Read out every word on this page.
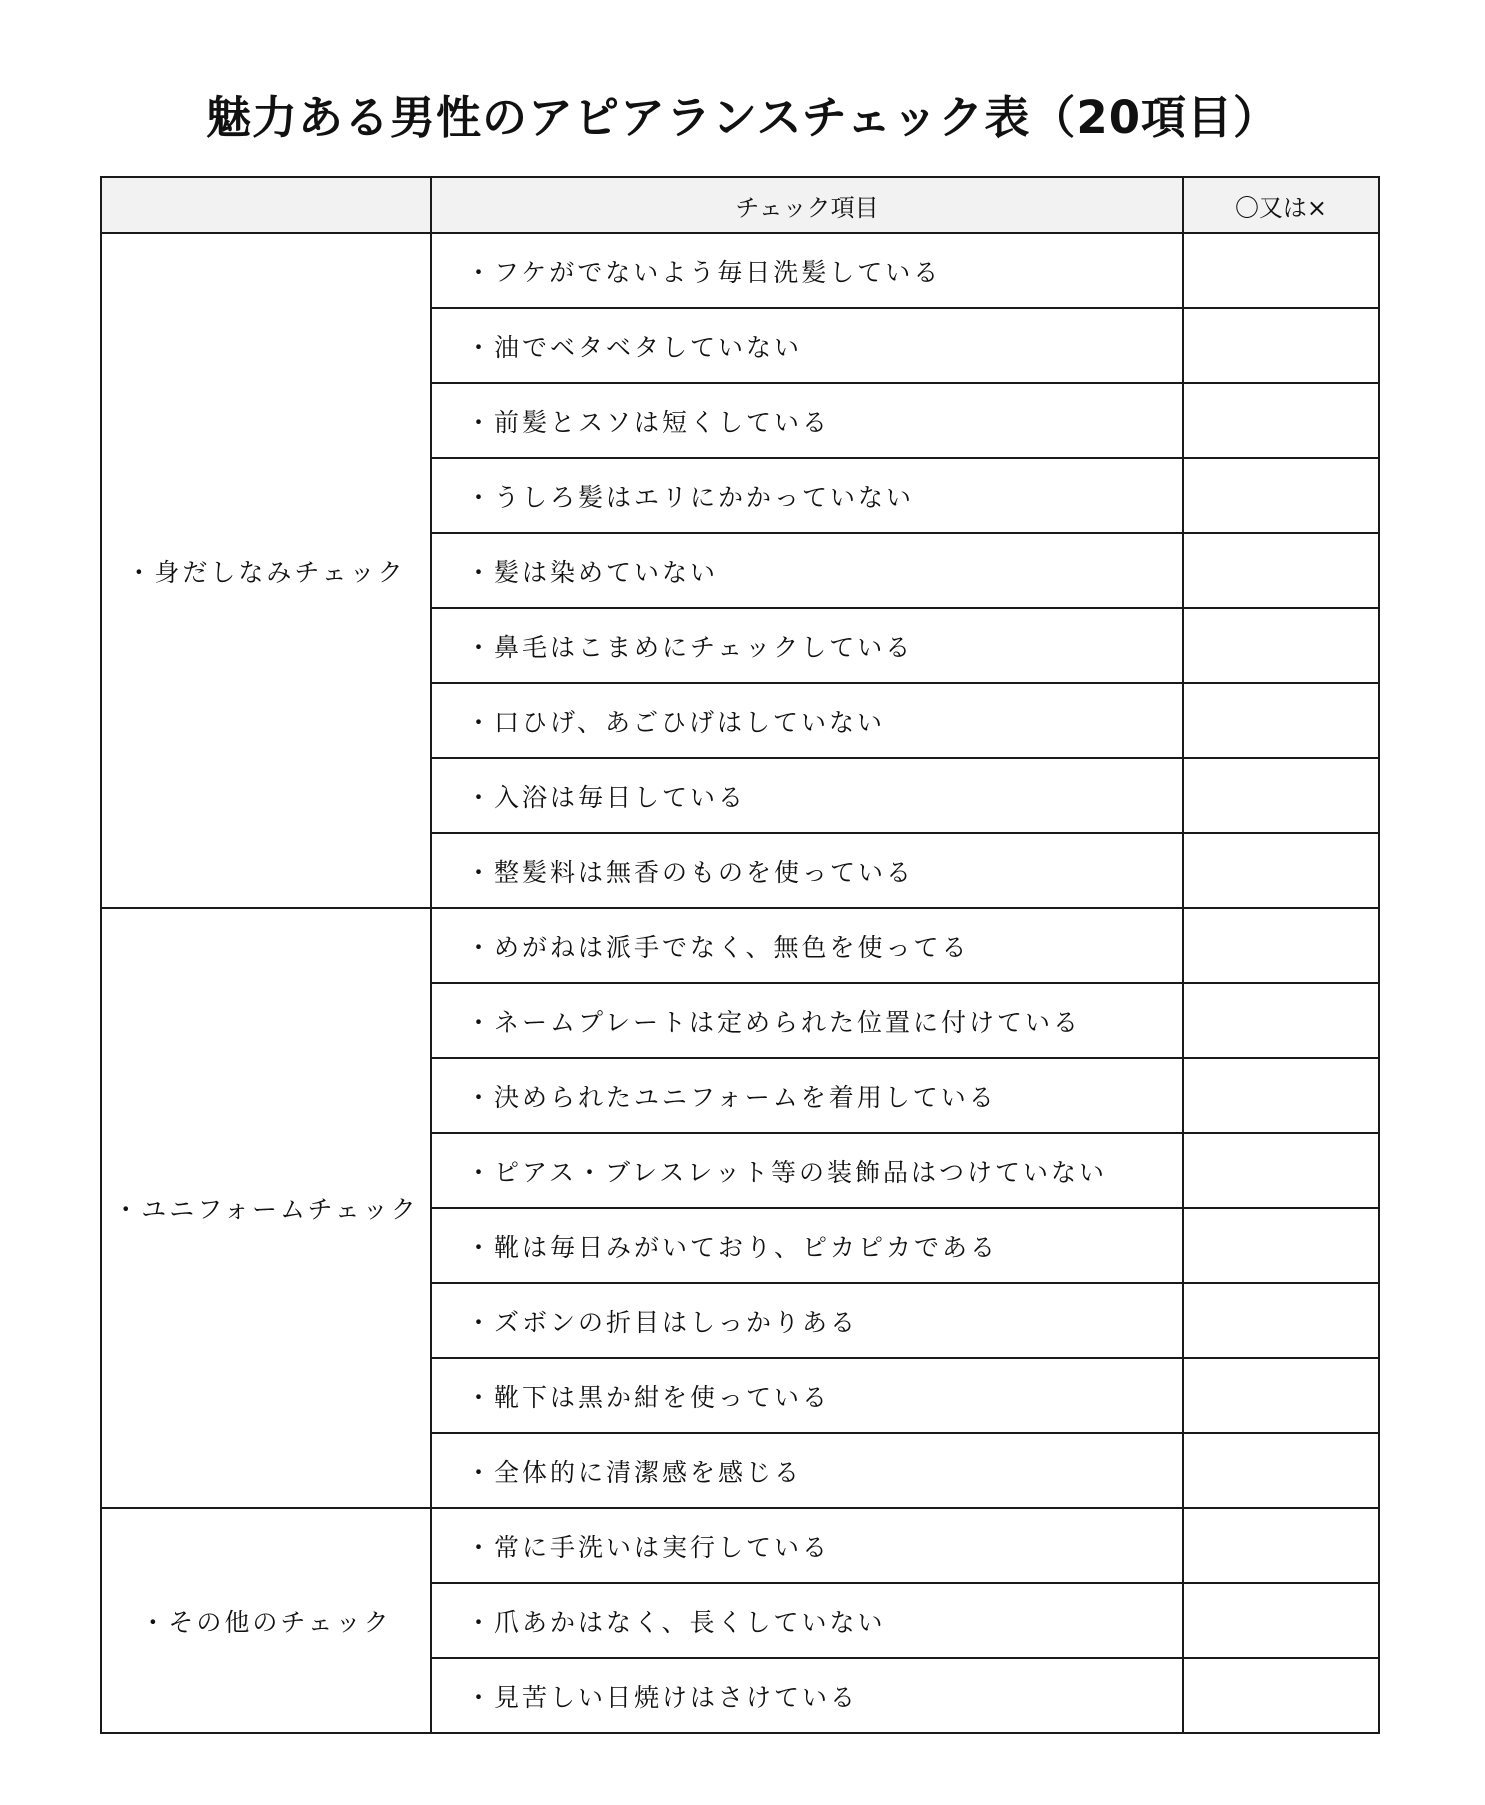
魅力ある男性のアピアランスチェック表（20項目）
	チェック項目	〇又は×
・身だしなみチェック	・フケがでないよう毎日洗髪している	
	・油でベタベタしていない	
	・前髪とスソは短くしている	
	・うしろ髪はエリにかかっていない	
	・髪は染めていない	
	・鼻毛はこまめにチェックしている	
	・口ひげ、あごひげはしていない	
	・入浴は毎日している	
	・整髪料は無香のものを使っている	
・ユニフォームチェック	・めがねは派手でなく、無色を使ってる	
	・ネームプレートは定められた位置に付けている	
	・決められたユニフォームを着用している	
	・ピアス・ブレスレット等の装飾品はつけていない	
	・靴は毎日みがいており、ピカピカである	
	・ズボンの折目はしっかりある	
	・靴下は黒か紺を使っている	
	・全体的に清潔感を感じる	
・その他のチェック	・常に手洗いは実行している	
	・爪あかはなく、長くしていない	
	・見苦しい日焼けはさけている	
